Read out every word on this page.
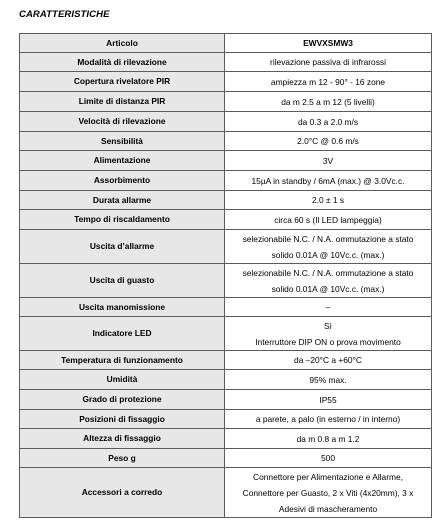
CARATTERISTICHE
Articolo	EWVXSMW3

Modalità di rilevazione	rilevazione passiva di infrarossi

Copertura rivelatore PIR	ampiezza m 12 - 90° - 16 zone

Limite di distanza PIR	da m 2.5 a m 12 (5 livelli)

Velocità di rilevazione	da 0.3 a 2.0 m/s

Sensibilità	2.0°C @ 0.6 m/s

Alimentazione	3V

Assorbimento	15µA in standby / 6mA (max.) @ 3.0Vc.c.

Durata allarme	2.0 ± 1 s

Tempo di riscaldamento	circa 60 s (Il LED lampeggia)

Uscita d’allarme	selezionabile N.C. / N.A. ommutazione a stato
solido 0.01A @ 10Vc.c. (max.)

Uscita di guasto	selezionabile N.C. / N.A. ommutazione a stato
solido 0.01A @ 10Vc.c. (max.)

Uscita manomissione	–

Indicatore LED	Sì
Interruttore DIP ON o prova movimento

Temperatura di funzionamento	da –20°C a +60°C

Umidità	95% max.

Grado di protezione	IP55

Posizioni di fissaggio	a parete, a palo (in esterno / in interno)

Altezza di fissaggio	da m 0.8 a m 1.2

Peso g	500

Accessori a corredo	Connettore per Alimentazione e Allarme,
Connettore per Guasto, 2 x Viti (4x20mm), 3 x
Adesivi di mascheramento
